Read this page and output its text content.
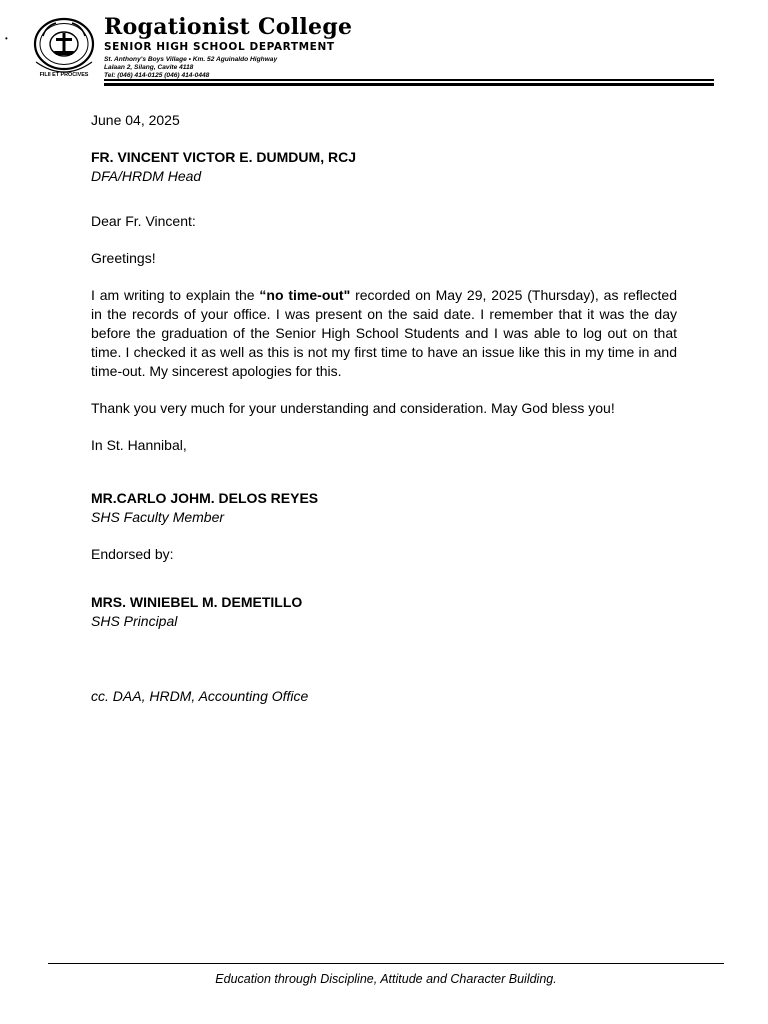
•
FILII ET PROCIVES
Rogationist College
SENIOR HIGH SCHOOL DEPARTMENT
St. Anthony's Boys Village • Km. 52 Aguinaldo Highway
Lalaan 2, Silang, Cavite 4118
Tel: (046) 414-0125 (046) 414-0448
June 04, 2025
FR. VINCENT VICTOR E. DUMDUM, RCJ
DFA/HRDM Head
Dear Fr. Vincent:
Greetings!
I am writing to explain the “no time-out" recorded on May 29, 2025 (Thursday), as reflected in the records of your office. I was present on the said date. I remember that it was the day before the graduation of the Senior High School Students and I was able to log out on that time. I checked it as well as this is not my first time to have an issue like this in my time in and time-out. My sincerest apologies for this.
Thank you very much for your understanding and consideration. May God bless you!
In St. Hannibal,
MR.CARLO JOHM. DELOS REYES
SHS Faculty Member
Endorsed by:
MRS. WINIEBEL M. DEMETILLO
SHS Principal
cc. DAA, HRDM, Accounting Office
Education through Discipline, Attitude and Character Building.
